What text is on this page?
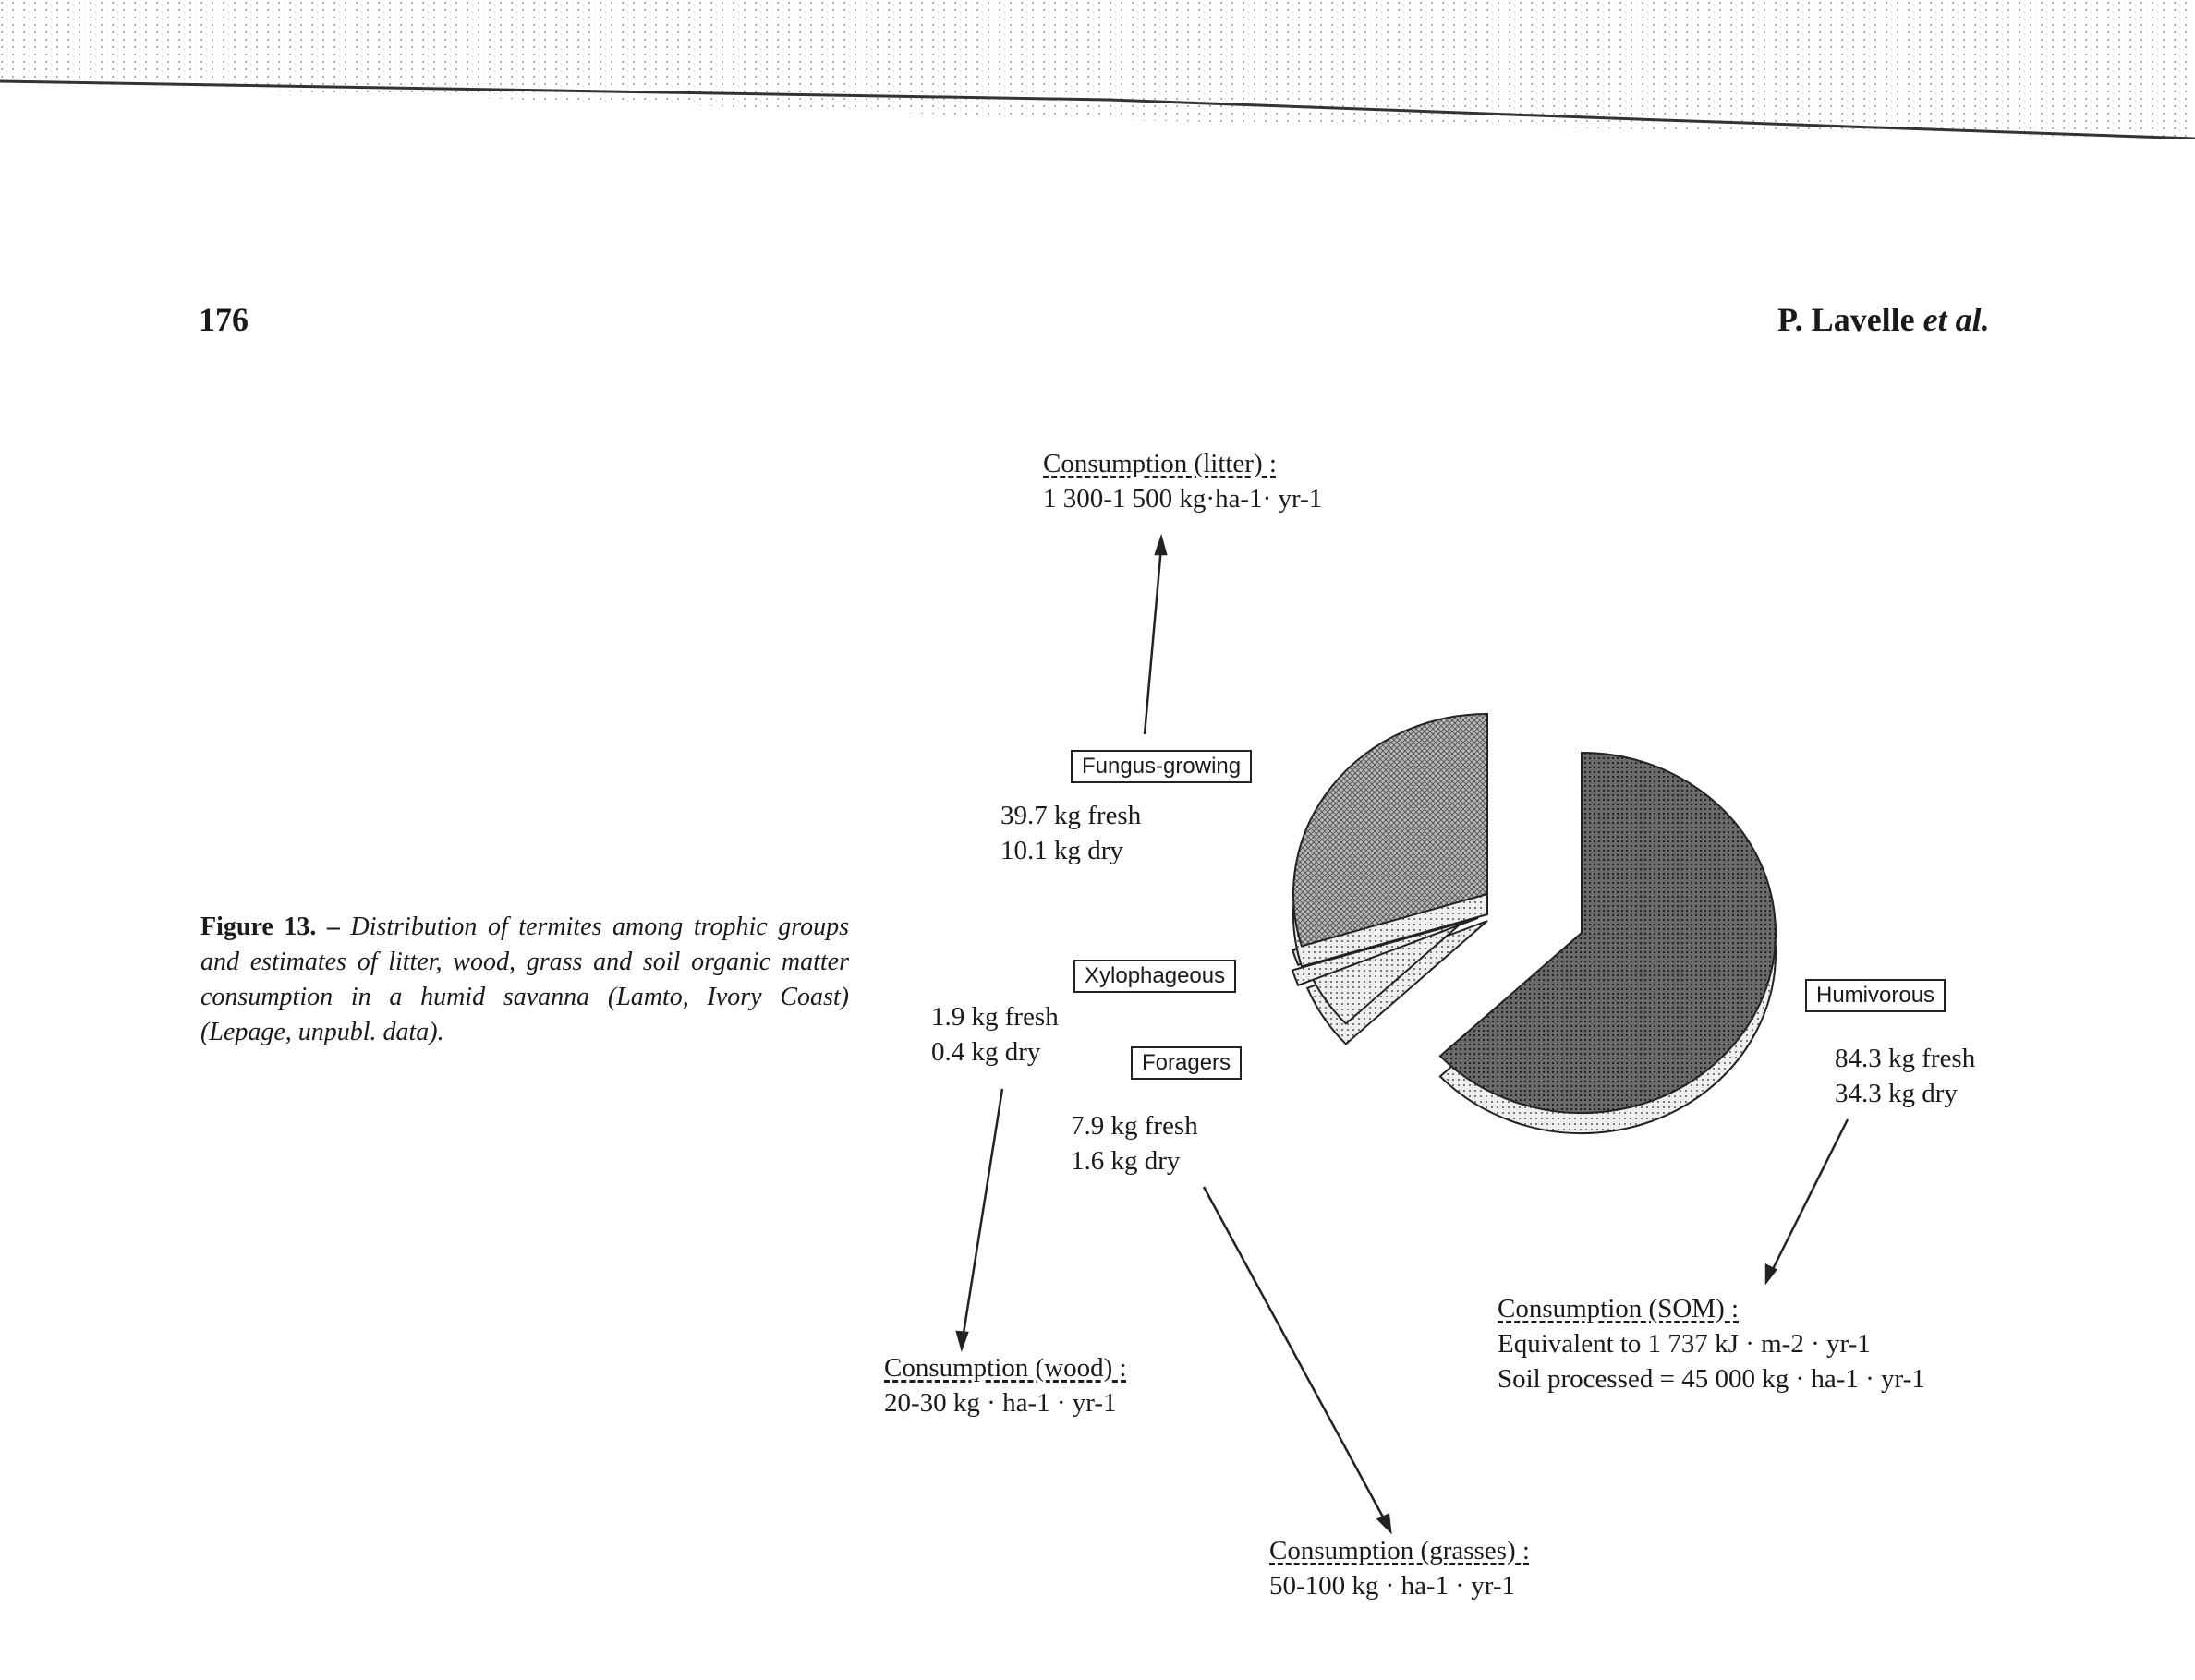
176	P. Lavelle et al.
Figure 13. – Distribution of termites among trophic groups and estimates of litter, wood, grass and soil organic matter consumption in a humid savanna (Lamto, Ivory Coast) (Lepage, unpubl. data).
Consumption (litter) :
1 300-1 500 kg·ha-1· yr-1
Fungus-growing
39.7 kg fresh
10.1 kg dry
Xylophageous
1.9 kg fresh
0.4 kg dry	Foragers
7.9 kg fresh
1.6 kg dry
Humivorous
84.3 kg fresh
34.3 kg dry
Consumption (SOM) :
Equivalent to 1 737 kJ · m-2 · yr-1
Soil processed = 45 000 kg · ha-1 · yr-1
Consumption (wood) :
20-30 kg · ha-1 · yr-1
Consumption (grasses) :
50-100 kg · ha-1 · yr-1
